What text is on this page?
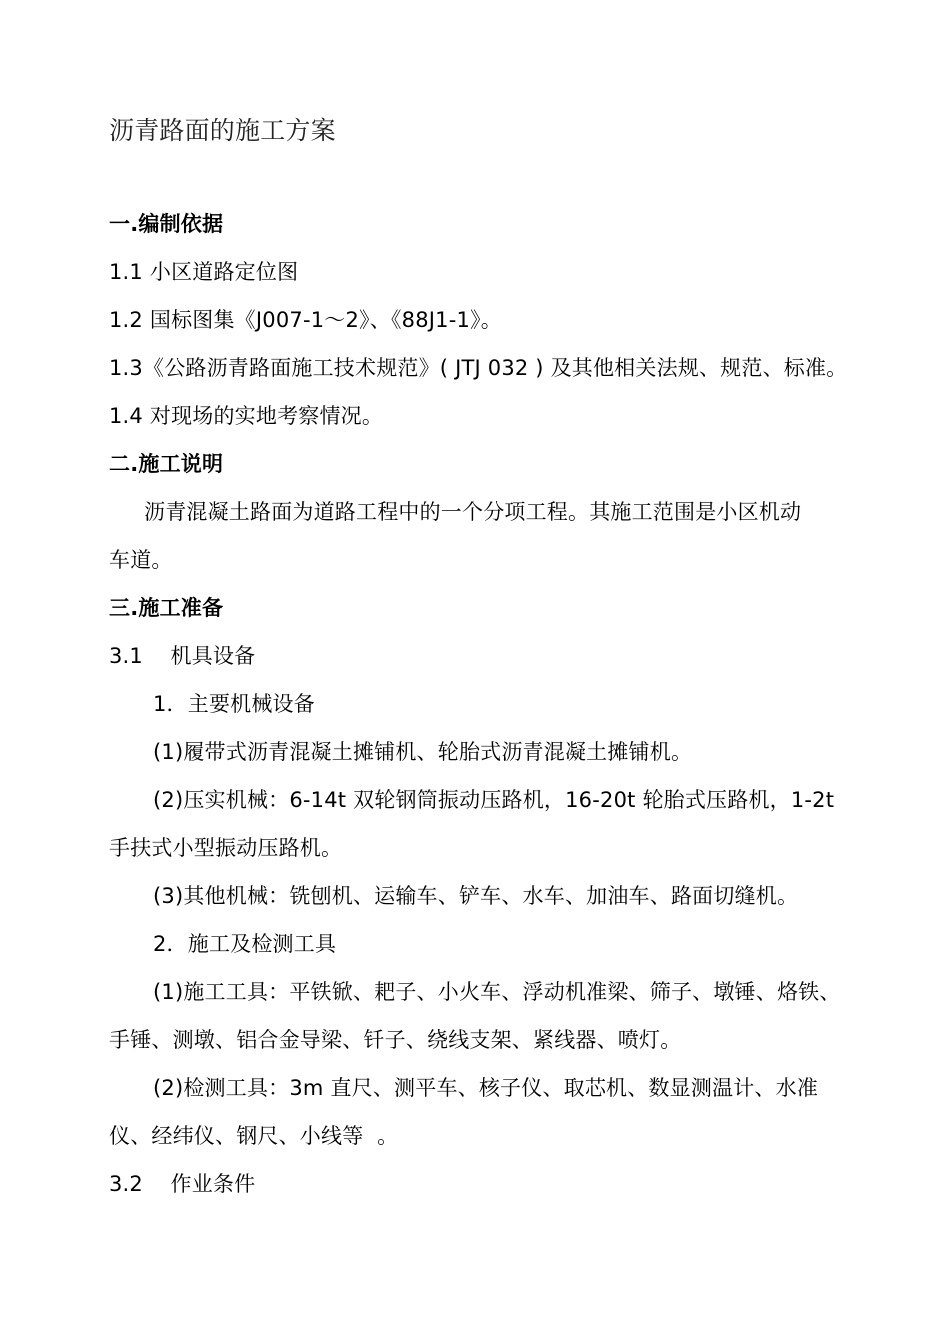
沥青路面的施工方案
一.编制依据
1.1 小区道路定位图
1.2 国标图集《J007-1～2》、《88J1-1》。
1.3《公路沥青路面施工技术规范》( JTJ 032 ) 及其他相关法规、规范、标准。
1.4 对现场的实地考察情况。
二.施工说明
沥青混凝土路面为道路工程中的一个分项工程。其施工范围是小区机动
车道。
三.施工准备
3.1    机具设备
1．主要机械设备
(1)履带式沥青混凝土摊铺机、轮胎式沥青混凝土摊铺机。
(2)压实机械：6-14t 双轮钢筒振动压路机，16-20t 轮胎式压路机，1-2t
手扶式小型振动压路机。
(3)其他机械：铣刨机、运输车、铲车、水车、加油车、路面切缝机。
2．施工及检测工具
(1)施工工具：平铁锨、耙子、小火车、浮动机准梁、筛子、墩锤、烙铁、
手锤、测墩、铝合金导梁、钎子、绕线支架、紧线器、喷灯。
(2)检测工具：3m 直尺、测平车、核子仪、取芯机、数显测温计、水准
仪、经纬仪、钢尺、小线等  。
3.2    作业条件
